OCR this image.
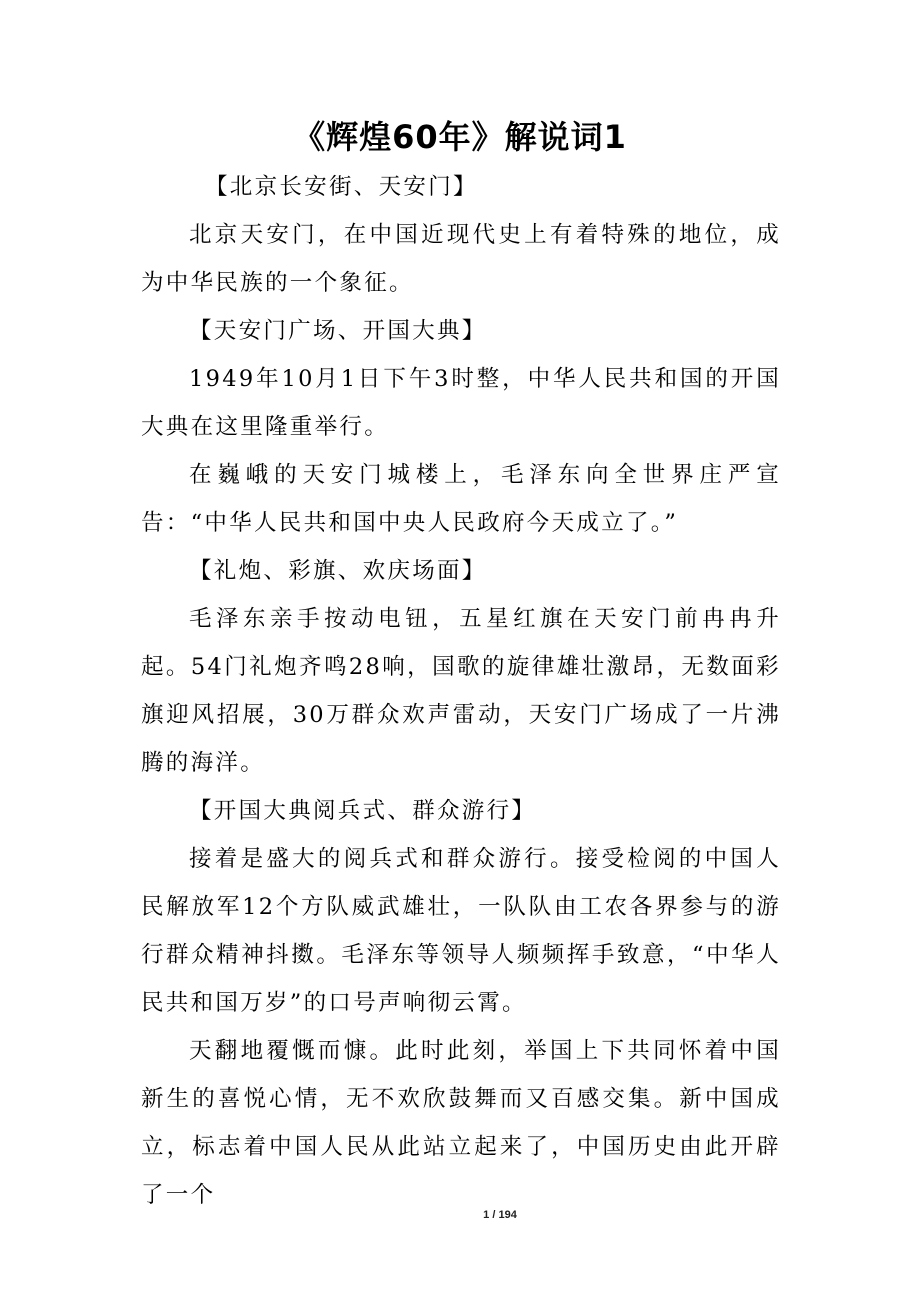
《辉煌60年》解说词1

【北京长安街、天安门】

北京天安门，在中国近现代史上有着特殊的地位，成为中华民族的一个象征。

【天安门广场、开国大典】

1949年10月1日下午3时整，中华人民共和国的开国大典在这里隆重举行。

在巍峨的天安门城楼上，毛泽东向全世界庄严宣告：“中华人民共和国中央人民政府今天成立了。”

【礼炮、彩旗、欢庆场面】

毛泽东亲手按动电钮，五星红旗在天安门前冉冉升起。54门礼炮齐鸣28响，国歌的旋律雄壮激昂，无数面彩旗迎风招展，30万群众欢声雷动，天安门广场成了一片沸腾的海洋。

【开国大典阅兵式、群众游行】

接着是盛大的阅兵式和群众游行。接受检阅的中国人民解放军12个方队威武雄壮，一队队由工农各界参与的游行群众精神抖擞。毛泽东等领导人频频挥手致意，“中华人民共和国万岁”的口号声响彻云霄。

天翻地覆慨而慷。此时此刻，举国上下共同怀着中国新生的喜悦心情，无不欢欣鼓舞而又百感交集。新中国成立，标志着中国人民从此站立起来了，中国历史由此开辟了一个

1 / 194
